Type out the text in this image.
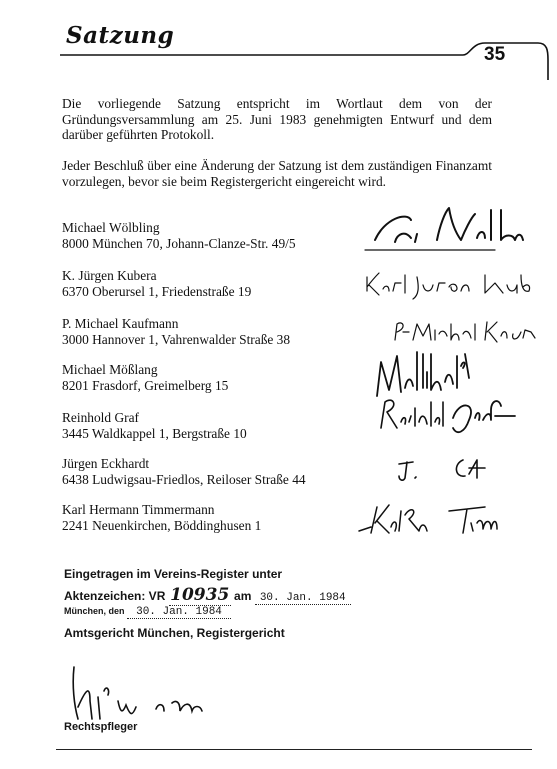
Satzung
35
Die vorliegende Satzung entspricht im Wortlaut dem von der Gründungsversammlung am 25. Juni 1983 genehmigten Entwurf und dem darüber geführten Protokoll.
Jeder Beschluß über eine Änderung der Satzung ist dem zuständigen Finanzamt vorzulegen, bevor sie beim Registergericht eingereicht wird.
Michael Wölbling
8000 München 70, Johann-Clanze-Str. 49/5
K. Jürgen Kubera
6370 Oberursel 1, Friedenstraße 19
P. Michael Kaufmann
3000 Hannover 1, Vahrenwalder Straße 38
Michael Mößlang
8201 Frasdorf, Greimelberg 15
Reinhold Graf
3445 Waldkappel 1, Bergstraße 10
Jürgen Eckhardt
6438 Ludwigsau-Friedlos, Reiloser Straße 44
Karl Hermann Timmermann
2241 Neuenkirchen, Böddinghusen 1
Eingetragen im Vereins-Register unter
Aktenzeichen: VR 10935 am 30. Jan. 1984
München, den 30. Jan. 1984
Amtsgericht München, Registergericht
Rechtspfleger
